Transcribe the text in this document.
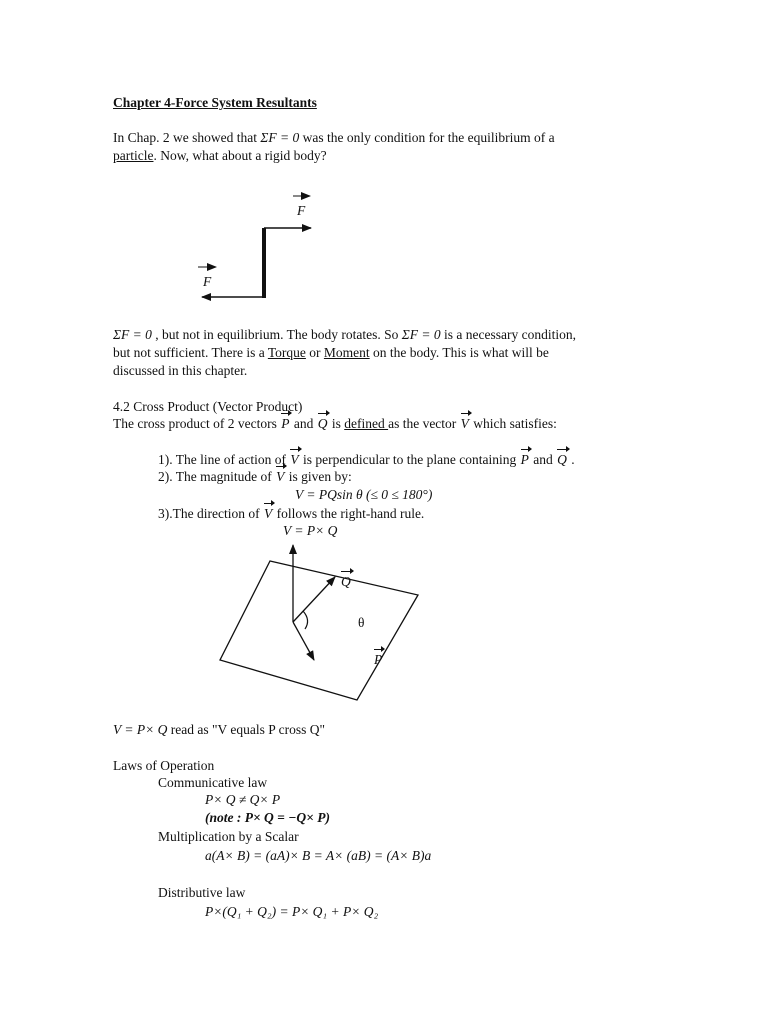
Chapter 4-Force System Resultants
In Chap. 2 we showed that ΣF = 0 was the only condition for the equilibrium of a
particle. Now, what about a rigid body?
F
F
ΣF = 0 , but not in equilibrium. The body rotates. So ΣF = 0 is a necessary condition,
but not sufficient. There is a Torque or Moment on the body. This is what will be
discussed in this chapter.
4.2 Cross Product (Vector Product)
The cross product of 2 vectors P and Q is defined as the vector V which satisfies:
1). The line of action of V is perpendicular to the plane containing P and Q .
2). The magnitude of V is given by:
V = PQsin θ (≤ 0 ≤ 180°)
3).The direction of V follows the right-hand rule.
V = P× Q
Q
θ
P
V = P× Q read as "V equals P cross Q"
Laws of Operation
Communicative law
P× Q ≠ Q× P
(note : P× Q = −Q× P)
Multiplication by a Scalar
a(A× B) = (aA)× B = A× (aB) = (A× B)a
Distributive law
P×(Q₁ + Q₂) = P× Q₁ + P× Q₂
